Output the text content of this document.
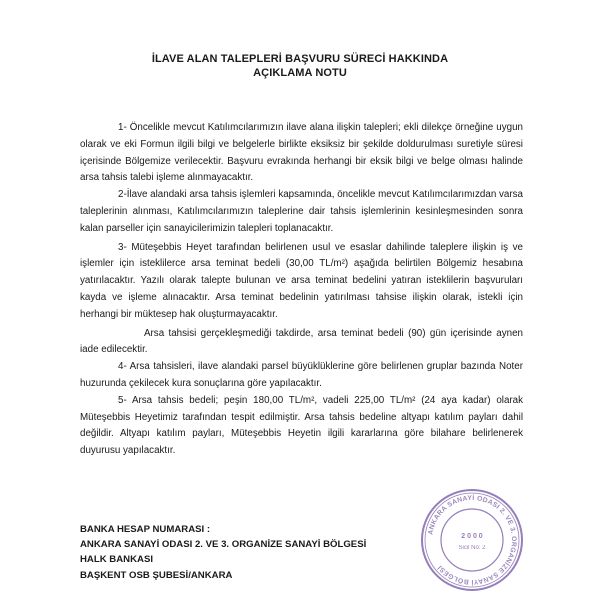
İLAVE ALAN TALEPLERİ BAŞVURU SÜRECİ HAKKINDA
AÇIKLAMA NOTU

1- Öncelikle mevcut Katılımcılarımızın ilave alana ilişkin talepleri; ekli dilekçe örneğine uygun olarak ve eki Formun ilgili bilgi ve belgelerle birlikte eksiksiz bir şekilde doldurulması suretiyle süresi içerisinde Bölgemize verilecektir. Başvuru evrakında herhangi bir eksik bilgi ve belge olması halinde arsa tahsis talebi işleme alınmayacaktır.

2-İlave alandaki arsa tahsis işlemleri kapsamında, öncelikle mevcut Katılımcılarımızdan varsa taleplerinin alınması, Katılımcılarımızın taleplerine dair tahsis işlemlerinin kesinleşmesinden sonra kalan parseller için sanayicilerimizin talepleri toplanacaktır.

3- Müteşebbis Heyet tarafından belirlenen usul ve esaslar dahilinde taleplere ilişkin iş ve işlemler için isteklilerce arsa teminat bedeli (30,00 TL/m²) aşağıda belirtilen Bölgemiz hesabına yatırılacaktır. Yazılı olarak talepte bulunan ve arsa teminat bedelini yatıran isteklilerin başvuruları kayda ve işleme alınacaktır. Arsa teminat bedelinin yatırılması tahsise ilişkin olarak, istekli için herhangi bir müktesep hak oluşturmayacaktır.

Arsa tahsisi gerçekleşmediği takdirde, arsa teminat bedeli (90) gün içerisinde aynen iade edilecektir.

4- Arsa tahsisleri, ilave alandaki parsel büyüklüklerine göre belirlenen gruplar bazında Noter huzurunda çekilecek kura sonuçlarına göre yapılacaktır.

5- Arsa tahsis bedeli; peşin 180,00 TL/m², vadeli 225,00 TL/m² (24 aya kadar) olarak Müteşebbis Heyetimiz tarafından tespit edilmiştir. Arsa tahsis bedeline altyapı katılım payları dahil değildir. Altyapı katılım payları, Müteşebbis Heyetin ilgili kararlarına göre bilahare belirlenerek duyurusu yapılacaktır.

BANKA HESAP NUMARASI :
ANKARA SANAYİ ODASI 2. VE 3. ORGANİZE SANAYİ BÖLGESİ
HALK BANKASI
BAŞKENT OSB ŞUBESİ/ANKARA
ANKARA SANAYİ ODASI 2. VE 3. ORGANİZE SANAYİ BÖLGESİ
2 0 0 0
Sicil No: 2
